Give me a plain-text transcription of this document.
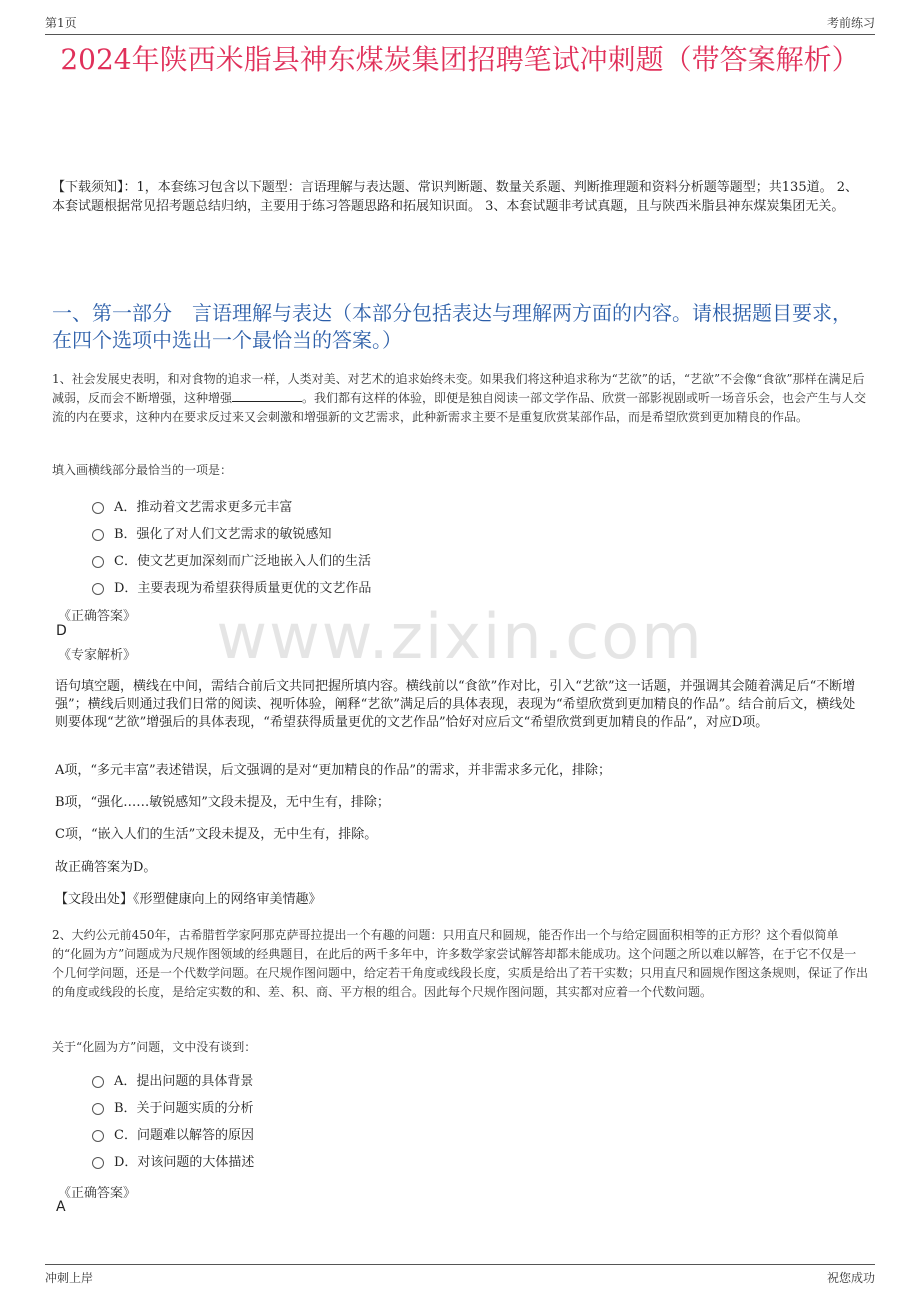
第1页	考前练习
2024年陕西米脂县神东煤炭集团招聘笔试冲刺题（带答案解析）
【下载须知】：1，本套练习包含以下题型：言语理解与表达题、常识判断题、数量关系题、判断推理题和资料分析题等题型；共135道。 2、本套试题根据常见招考题总结归纳，主要用于练习答题思路和拓展知识面。 3、本套试题非考试真题，且与陕西米脂县神东煤炭集团无关。
一、第一部分　言语理解与表达（本部分包括表达与理解两方面的内容。请根据题目要求，在四个选项中选出一个最恰当的答案。）
1、社会发展史表明，和对食物的追求一样，人类对美、对艺术的追求始终未变。如果我们将这种追求称为“艺欲”的话，“艺欲”不会像“食欲”那样在满足后减弱，反而会不断增强，这种增强	。我们都有这样的体验，即便是独自阅读一部文学作品、欣赏一部影视剧或听一场音乐会，也会产生与人交流的内在要求，这种内在要求反过来又会刺激和增强新的文艺需求，此种新需求主要不是重复欣赏某部作品，而是希望欣赏到更加精良的作品。
填入画横线部分最恰当的一项是：
A．推动着文艺需求更多元丰富
B．强化了对人们文艺需求的敏锐感知
C．使文艺更加深刻而广泛地嵌入人们的生活
D．主要表现为希望获得质量更优的文艺作品
《正确答案》
D
《专家解析》
语句填空题，横线在中间，需结合前后文共同把握所填内容。横线前以“食欲”作对比，引入“艺欲”这一话题，并强调其会随着满足后“不断增强”；横线后则通过我们日常的阅读、视听体验，阐释“艺欲”满足后的具体表现，表现为“希望欣赏到更加精良的作品”。结合前后文，横线处则要体现“艺欲”增强后的具体表现，“希望获得质量更优的文艺作品”恰好对应后文“希望欣赏到更加精良的作品”，对应D项。
A项，“多元丰富”表述错误，后文强调的是对“更加精良的作品”的需求，并非需求多元化，排除；
B项，“强化……敏锐感知”文段未提及，无中生有，排除；
C项，“嵌入人们的生活”文段未提及，无中生有，排除。
故正确答案为D。
【文段出处】《形塑健康向上的网络审美情趣》
2、大约公元前450年，古希腊哲学家阿那克萨哥拉提出一个有趣的问题：只用直尺和圆规，能否作出一个与给定圆面积相等的正方形？这个看似简单的“化圆为方”问题成为尺规作图领域的经典题目，在此后的两千多年中，许多数学家尝试解答却都未能成功。这个问题之所以难以解答，在于它不仅是一个几何学问题，还是一个代数学问题。在尺规作图问题中，给定若干角度或线段长度，实质是给出了若干实数；只用直尺和圆规作图这条规则，保证了作出的角度或线段的长度，是给定实数的和、差、积、商、平方根的组合。因此每个尺规作图问题，其实都对应着一个代数问题。
关于“化圆为方”问题，文中没有谈到：
A．提出问题的具体背景
B．关于问题实质的分析
C．问题难以解答的原因
D．对该问题的大体描述
《正确答案》
A
www.zixin.com
冲刺上岸	祝您成功
